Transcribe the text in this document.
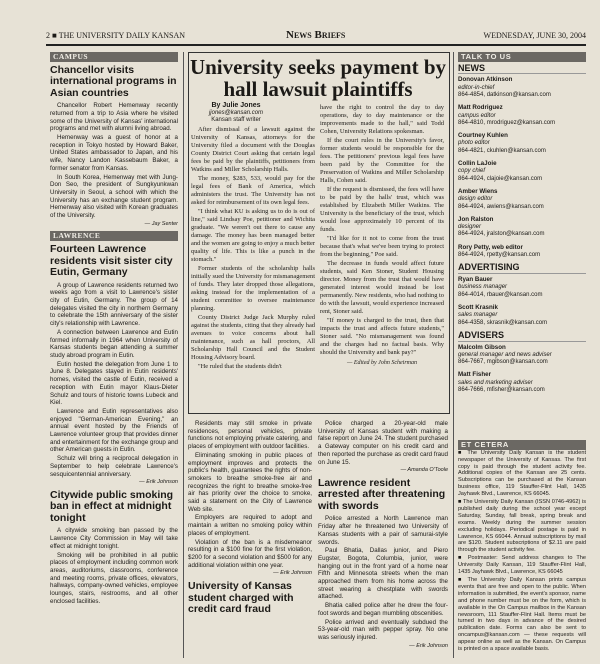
2 ■ THE UNIVERSITY DAILY KANSAN	News Briefs	WEDNESDAY, JUNE 30, 2004
CAMPUS
Chancellor visits international programs in Asian countries

Chancellor Robert Hemenway recently returned from a trip to Asia where he visited some of the University of Kansas' international programs and met with alumni living abroad.

Hemenway was a guest of honor at a reception in Tokyo hosted by Howard Baker, United States ambassador to Japan, and his wife, Nancy Landon Kassebaum Baker, a former senator from Kansas.

In South Korea, Hemenway met with Jung-Don Seo, the president of Sungkyunkwan University in Seoul, a school with which the University has an exchange student program. Hemenway also visited with Korean graduates of the University.

— Jay Senter
LAWRENCE
Fourteen Lawrence residents visit sister city Eutin, Germany

A group of Lawrence residents returned two weeks ago from a visit to Lawrence's sister city of Eutin, Germany. The group of 14 delegates visited the city in northern Germany to celebrate the 15th anniversary of the sister city's relationship with Lawrence.

A connection between Lawrence and Eutin formed informally in 1964 when University of Kansas students began attending a summer study abroad program in Eutin.

Eutin hosted the delegation from June 1 to June 8. Delegates stayed in Eutin residents' homes, visited the castle of Eutin, received a reception with Eutin mayor Klaus-Dieter Schulz and tours of historic towns Lubeck and Kiel.

Lawrence and Eutin representatives also enjoyed "German-American Evening," an annual event hosted by the Friends of Lawrence volunteer group that provides dinner and entertainment for the exchange group and other American guests in Eutin.

Schulz will bring a reciprocal delegation in September to help celebrate Lawrence's sesquicentennial anniversary.

— Erik Johnson
Citywide public smoking ban in effect at midnight tonight

A citywide smoking ban passed by the Lawrence City Commission in May will take effect at midnight tonight.

Smoking will be prohibited in all public places of employment including common work areas, auditoriums, classrooms, conference and meeting rooms, private offices, elevators, hallways, company-owned vehicles, employee lounges, stairs, restrooms, and all other enclosed facilities.

University seeks payment by hall lawsuit plaintiffs
By Julie Jones
jjones@kansan.com
Kansan staff writer

After dismissal of a lawsuit against the University of Kansas, attorneys for the University filed a document with the Douglas County District Court asking that certain legal fees be paid by the plaintiffs, petitioners from Watkins and Miller Scholarship Halls.

The money, $283, 533, would pay for the legal fees of Bank of America, which administers the trust. The University has not asked for reimbursement of its own legal fees.

"I think what KU is asking us to do is out of line," said Lindsay Poe, petitioner and Wichita graduate. "We weren't out there to cause any damage. The money has been managed better and the women are going to enjoy a much better quality of life. This is like a punch in the stomach."

Former students of the scholarship halls initially sued the University for mismanagement of funds. They later dropped those allegations, asking instead for the implementation of a student committee to oversee maintenance planning.

County District Judge Jack Murphy ruled against the students, citing that they already had avenues to voice concerns about hall maintenance, such as hall proctors, All Scholarship Hall Council and the Student Housing Advisory board.

"He ruled that the students didn't

have the right to control the day to day operations, day to day maintenance or the improvements made to the hall," said Todd Cohen, University Relations spokesman.

If the court rules in the University's favor, former students would be responsible for the fees. The petitioners' previous legal fees have been paid by the Committee for the Preservation of Watkins and Miller Scholarship Halls, Cohen said.

If the request is dismissed, the fees will have to be paid by the halls' trust, which was established by Elizabeth Miller Watkins. The University is the beneficiary of the trust, which would lose approximately 10 percent of its funds.

"I'd like for it not to come from the trust because that's what we've been trying to protect from the beginning," Poe said.

The decrease in funds would affect future students, said Ken Stoner, Student Housing director. Money from the trust that would have generated interest would instead be lost permanently. New residents, who had nothing to do with the lawsuit, would experience increased rent, Stoner said.

"If money is charged to the trust, then that impacts the trust and affects future students," Stoner said. "No mismanagement was found and the charges had no factual basis. Why should the University and bank pay?"

— Edited by John Scheirman

Residents may still smoke in private residences, personal vehicles, private functions not employing private catering, and places of employment with outdoor facilities.

Eliminating smoking in public places of employment improves and protects the public's health, guarantees the rights of non-smokers to breathe smoke-free air and recognizes the right to breathe smoke-free air has priority over the choice to smoke, said a statement on the City of Lawrence Web site.

Employers are required to adopt and maintain a written no smoking policy within places of employment.

Violation of the ban is a misdemeanor resulting in a $100 fine for the first violation, $200 for a second violation and $500 for any additional violation within one year.

— Erik Johnson
University of Kansas student charged with credit card fraud

Police charged a 20-year-old male University of Kansas student with making a false report on June 24. The student purchased a Gateway computer on his credit card and then reported the purchase as credit card fraud on June 15.

— Amanda O'Toole
Lawrence resident arrested after threatening with swords

Police arrested a North Lawrence man Friday after he threatened two University of Kansas students with a pair of samurai-style swords.

Paul Bhatia, Dallas junior, and Piero Eugster, Bogota, Columbia, junior, were hanging out in the front yard of a home near Fifth and Minnesota streets when the man approached them from his home across the street wearing a chestplate with swords attached.

Bhatia called police after he drew the four-foot swords and began mumbling obscenities.

Police arrived and eventually subdued the 53-year-old man with pepper spray. No one was seriously injured.

— Erik Johnson
TALK TO US
NEWS
Donovan Atkinson
editor-in-chief
864-4854, datkinson@kansan.com
Matt Rodriguez
campus editor
864-4810, mrodriguez@kansan.com
Courtney Kuhlen
photo editor
864-4821, ckuhlen@kansan.com
Collin LaJoie
copy chief
864-4924, clajoie@kansan.com
Amber Wiens
design editor
864-4924, awiens@kansan.com
Jon Ralston
designer
864-4924, jralston@kansan.com
Rory Petty, web editor
864-4924, rpetty@kansan.com
ADVERTISING
Ryan Bauer
business manager
864-4014, rbauer@kansan.com
Scott Krasnik
sales manager
864-4358, skrasnik@kansan.com
ADVISERS
Malcolm Gibson
general manager and news adviser
864-7667, mgibson@kansan.com
Matt Fisher
sales and marketing adviser
864-7666, mfisher@kansan.com
ET CETERA

■ The University Daily Kansan is the student newspaper of the University of Kansas. The first copy is paid through the student activity fee. Additional copies of the Kansan are 25 cents. Subscriptions can be purchased at the Kansan business office, 119 Stauffer-Flint Hall, 1435 Jayhawk Blvd., Lawrence, KS 66045.

■ The University Daily Kansan (ISSN 0746-4962) is published daily during the school year except Saturday, Sunday, fall break, spring break and exams. Weekly during the summer session excluding holidays. Periodical postage is paid in Lawrence, KS 66044. Annual subscriptions by mail are $120. Student subscriptions of $2.11 are paid through the student activity fee.

■ Postmaster: Send address changes to The University Daily Kansan, 119 Stauffer-Flint Hall, 1435 Jayhawk Blvd., Lawrence, KS 66045

■ The University Daily Kansan prints campus events that are free and open to the public. When information is submitted, the event's sponsor, name and phone number must be on the form, which is available in the On Campus mailbox in the Kansan newsroom, 111 Stauffer-Flint Hall. Items must be turned in two days in advance of the desired publication date. Forms can also be sent to oncampus@kansan.com — these requests will appear online as well as the Kansan. On Campus is printed on a space available basis.
